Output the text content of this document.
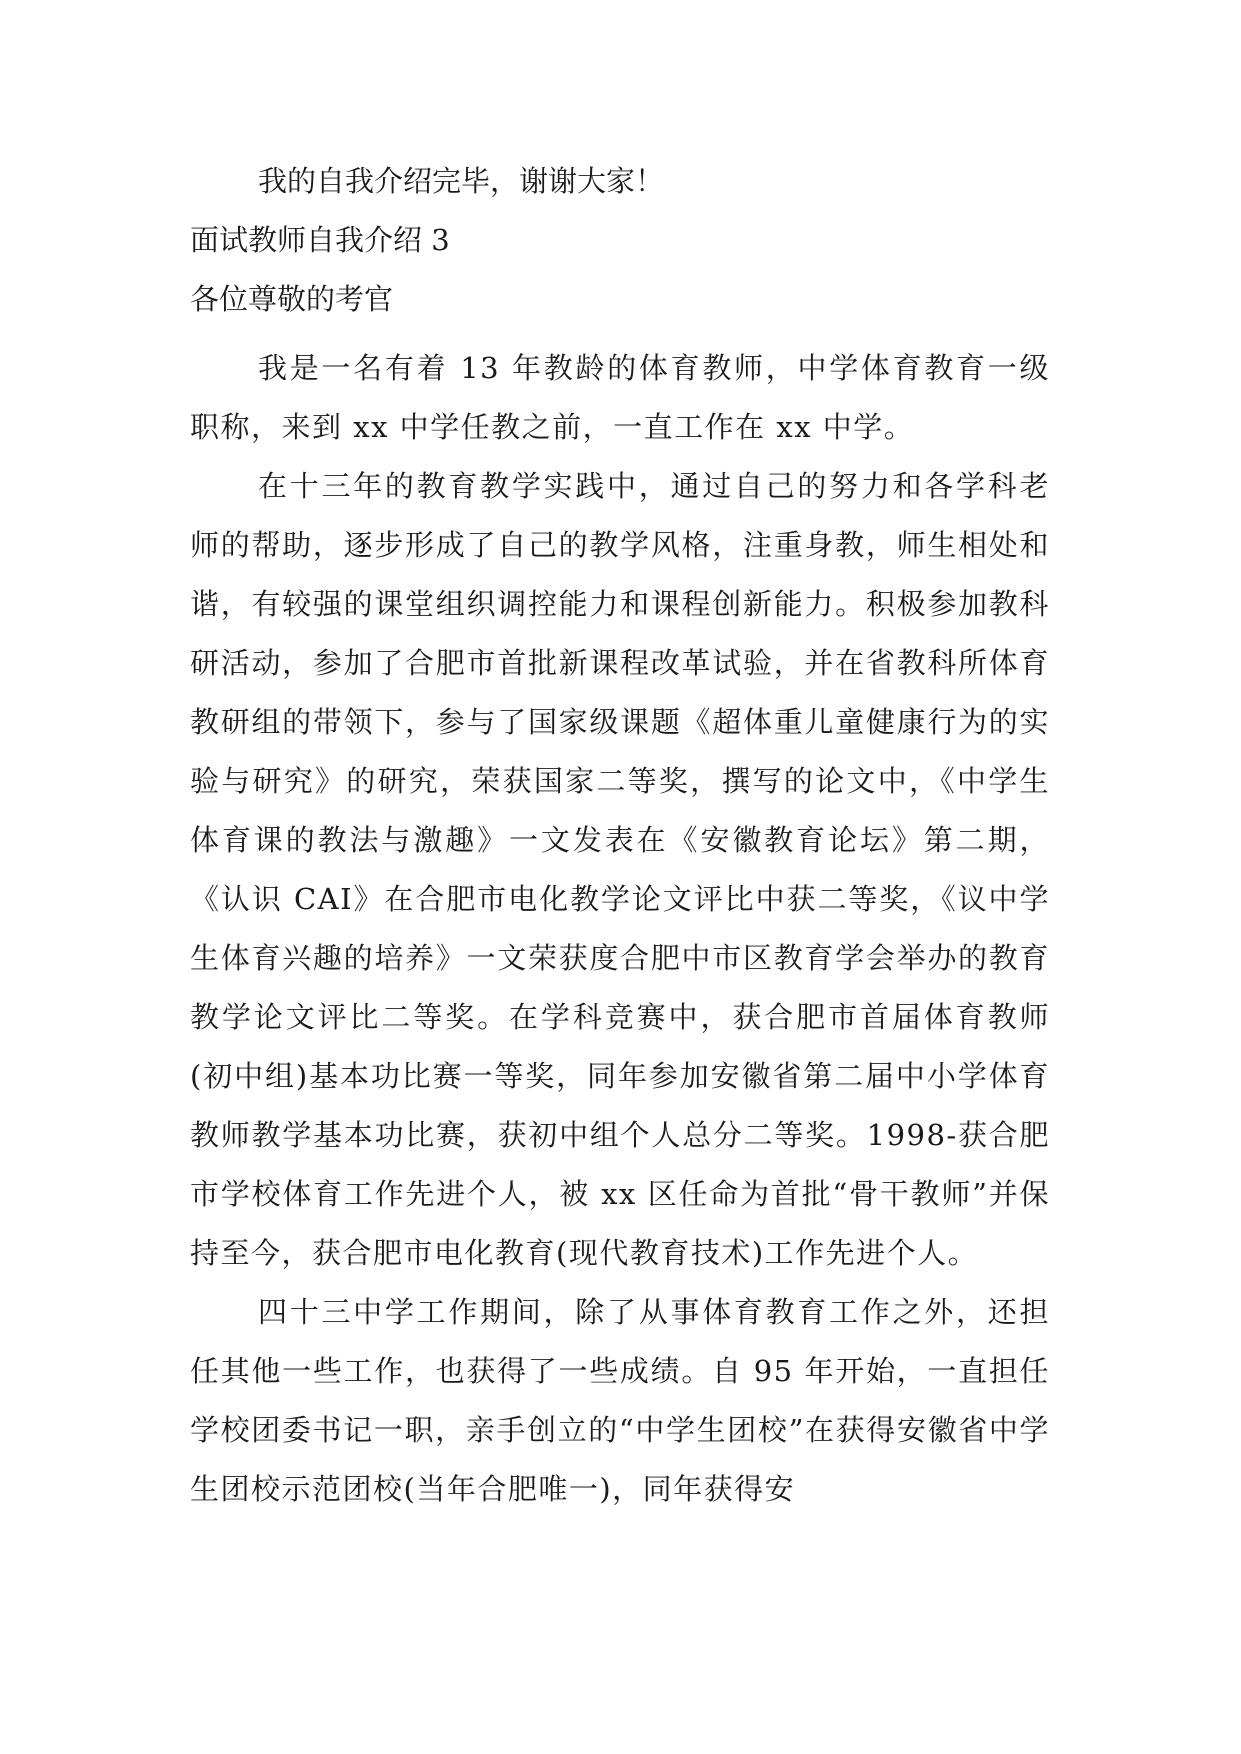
我的自我介绍完毕，谢谢大家！

面试教师自我介绍 3

各位尊敬的考官

我是一名有着 13 年教龄的体育教师，中学体育教育一级职称，来到 xx 中学任教之前，一直工作在 xx 中学。

在十三年的教育教学实践中，通过自己的努力和各学科老师的帮助，逐步形成了自己的教学风格，注重身教，师生相处和谐，有较强的课堂组织调控能力和课程创新能力。积极参加教科研活动，参加了合肥市首批新课程改革试验，并在省教科所体育教研组的带领下，参与了国家级课题《超体重儿童健康行为的实验与研究》的研究，荣获国家二等奖，撰写的论文中，《中学生体育课的教法与激趣》一文发表在《安徽教育论坛》第二期，《认识 CAI》在合肥市电化教学论文评比中获二等奖，《议中学生体育兴趣的培养》一文荣获度合肥中市区教育学会举办的教育教学论文评比二等奖。在学科竞赛中，获合肥市首届体育教师(初中组)基本功比赛一等奖，同年参加安徽省第二届中小学体育教师教学基本功比赛，获初中组个人总分二等奖。1998-获合肥市学校体育工作先进个人，被 xx 区任命为首批“骨干教师”并保持至今，获合肥市电化教育(现代教育技术)工作先进个人。

四十三中学工作期间，除了从事体育教育工作之外，还担任其他一些工作，也获得了一些成绩。自 95 年开始，一直担任学校团委书记一职，亲手创立的“中学生团校”在获得安徽省中学生团校示范团校(当年合肥唯一)，同年获得安
